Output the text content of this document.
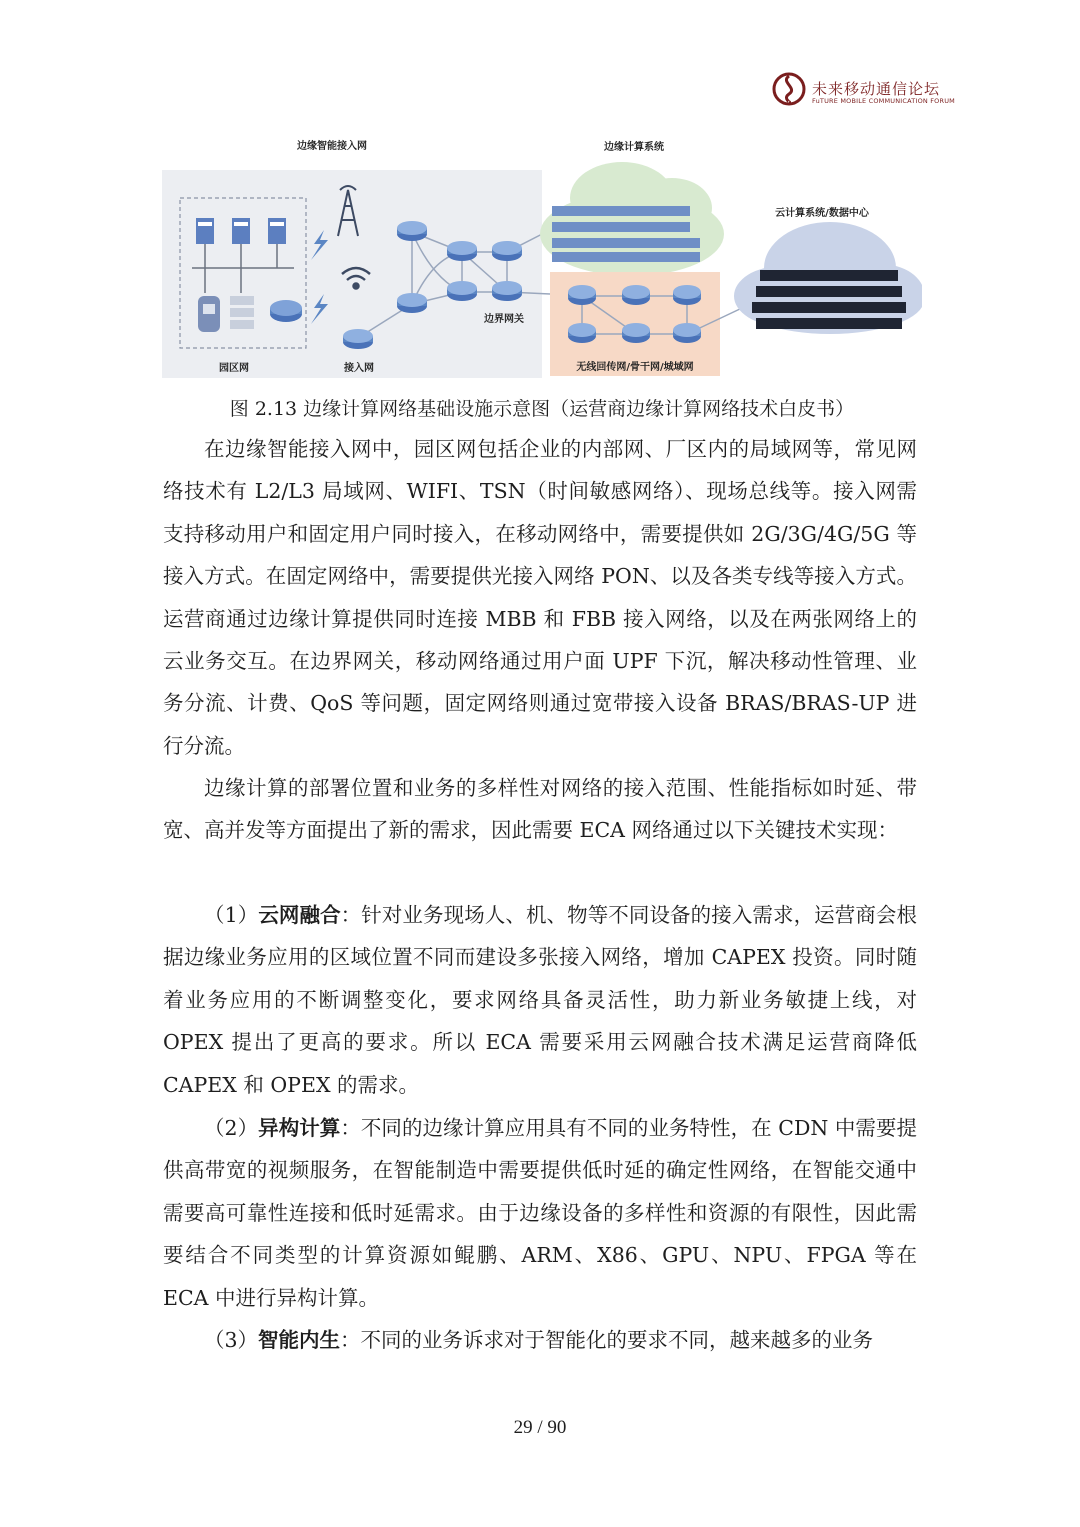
未来移动通信论坛
FuTURE MOBILE COMMUNICATION FORUM
园区网	接入网
边界网关
边缘智能接入网	边缘计算系统
无线回传网/骨干网/城域网
云计算系统/数据中心
图 2.13 边缘计算网络基础设施示意图（运营商边缘计算网络技术白皮书）

在边缘智能接入网中，园区网包括企业的内部网、厂区内的局域网等，常见网络技术有 L2/L3 局域网、WIFI、TSN（时间敏感网络）、现场总线等。接入网需支持移动用户和固定用户同时接入，在移动网络中，需要提供如 2G/3G/4G/5G 等接入方式。在固定网络中，需要提供光接入网络 PON、以及各类专线等接入方式。运营商通过边缘计算提供同时连接 MBB 和 FBB 接入网络，以及在两张网络上的云业务交互。在边界网关，移动网络通过用户面 UPF 下沉，解决移动性管理、业务分流、计费、QoS 等问题，固定网络则通过宽带接入设备 BRAS/BRAS-UP 进行分流。

边缘计算的部署位置和业务的多样性对网络的接入范围、性能指标如时延、带宽、高并发等方面提出了新的需求，因此需要 ECA 网络通过以下关键技术实现：

（1）云网融合：针对业务现场人、机、物等不同设备的接入需求，运营商会根据边缘业务应用的区域位置不同而建设多张接入网络，增加 CAPEX 投资。同时随着业务应用的不断调整变化，要求网络具备灵活性，助力新业务敏捷上线，对 OPEX 提出了更高的要求。所以 ECA 需要采用云网融合技术满足运营商降低 CAPEX 和 OPEX 的需求。

（2）异构计算：不同的边缘计算应用具有不同的业务特性，在 CDN 中需要提供高带宽的视频服务，在智能制造中需要提供低时延的确定性网络，在智能交通中需要高可靠性连接和低时延需求。由于边缘设备的多样性和资源的有限性，因此需要结合不同类型的计算资源如鲲鹏、ARM、X86、GPU、NPU、FPGA 等在 ECA 中进行异构计算。

（3）智能内生：不同的业务诉求对于智能化的要求不同，越来越多的业务

29 / 90
